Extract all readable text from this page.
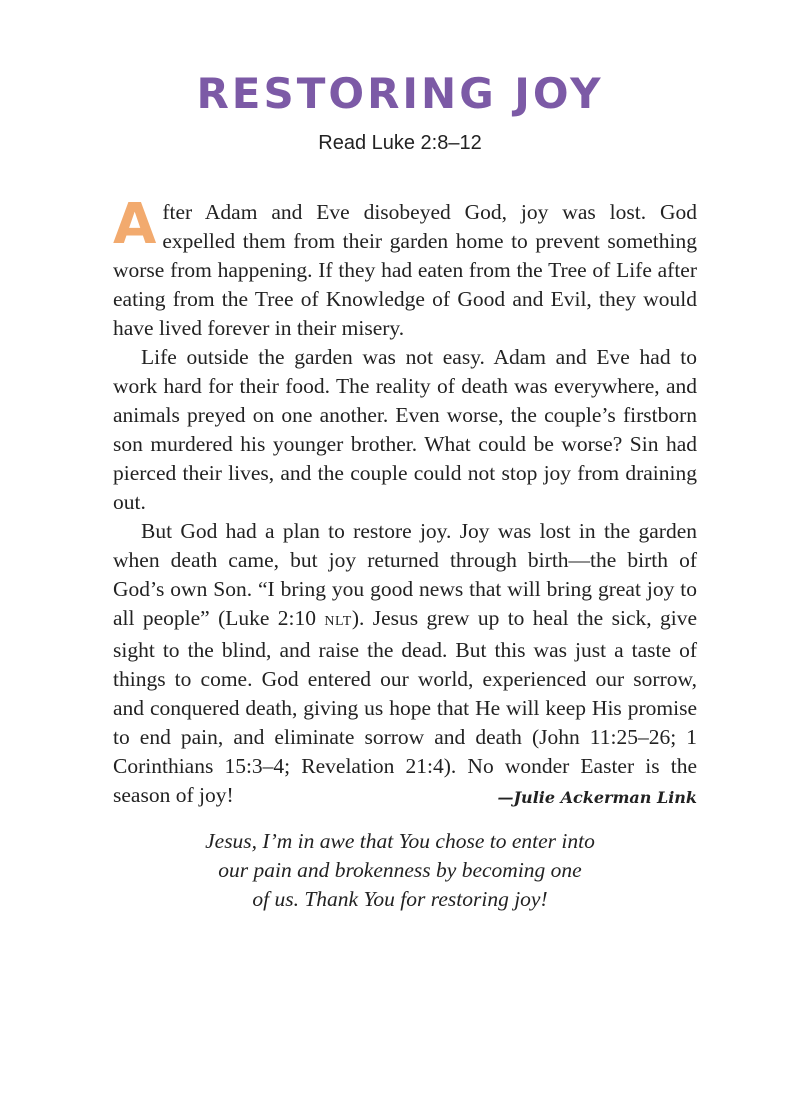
RESTORING JOY
Read Luke 2:8–12

After Adam and Eve disobeyed God, joy was lost. God expelled them from their garden home to prevent something worse from happening. If they had eaten from the Tree of Life after eating from the Tree of Knowledge of Good and Evil, they would have lived forever in their misery.

Life outside the garden was not easy. Adam and Eve had to work hard for their food. The reality of death was everywhere, and animals preyed on one another. Even worse, the couple’s firstborn son murdered his younger brother. What could be worse? Sin had pierced their lives, and the couple could not stop joy from draining out.

But God had a plan to restore joy. Joy was lost in the garden when death came, but joy returned through birth—the birth of God’s own Son. “I bring you good news that will bring great joy to all people” (Luke 2:10 NLT). Jesus grew up to heal the sick, give sight to the blind, and raise the dead. But this was just a taste of things to come. God entered our world, experienced our sorrow, and conquered death, giving us hope that He will keep His promise to end pain, and eliminate sorrow and death (John 11:25–26; 1 Corinthians 15:3–4; Revelation 21:4). No wonder Easter is the season of joy!	—Julie Ackerman Link

Jesus, I’m in awe that You chose to enter into
our pain and brokenness by becoming one
of us. Thank You for restoring joy!
